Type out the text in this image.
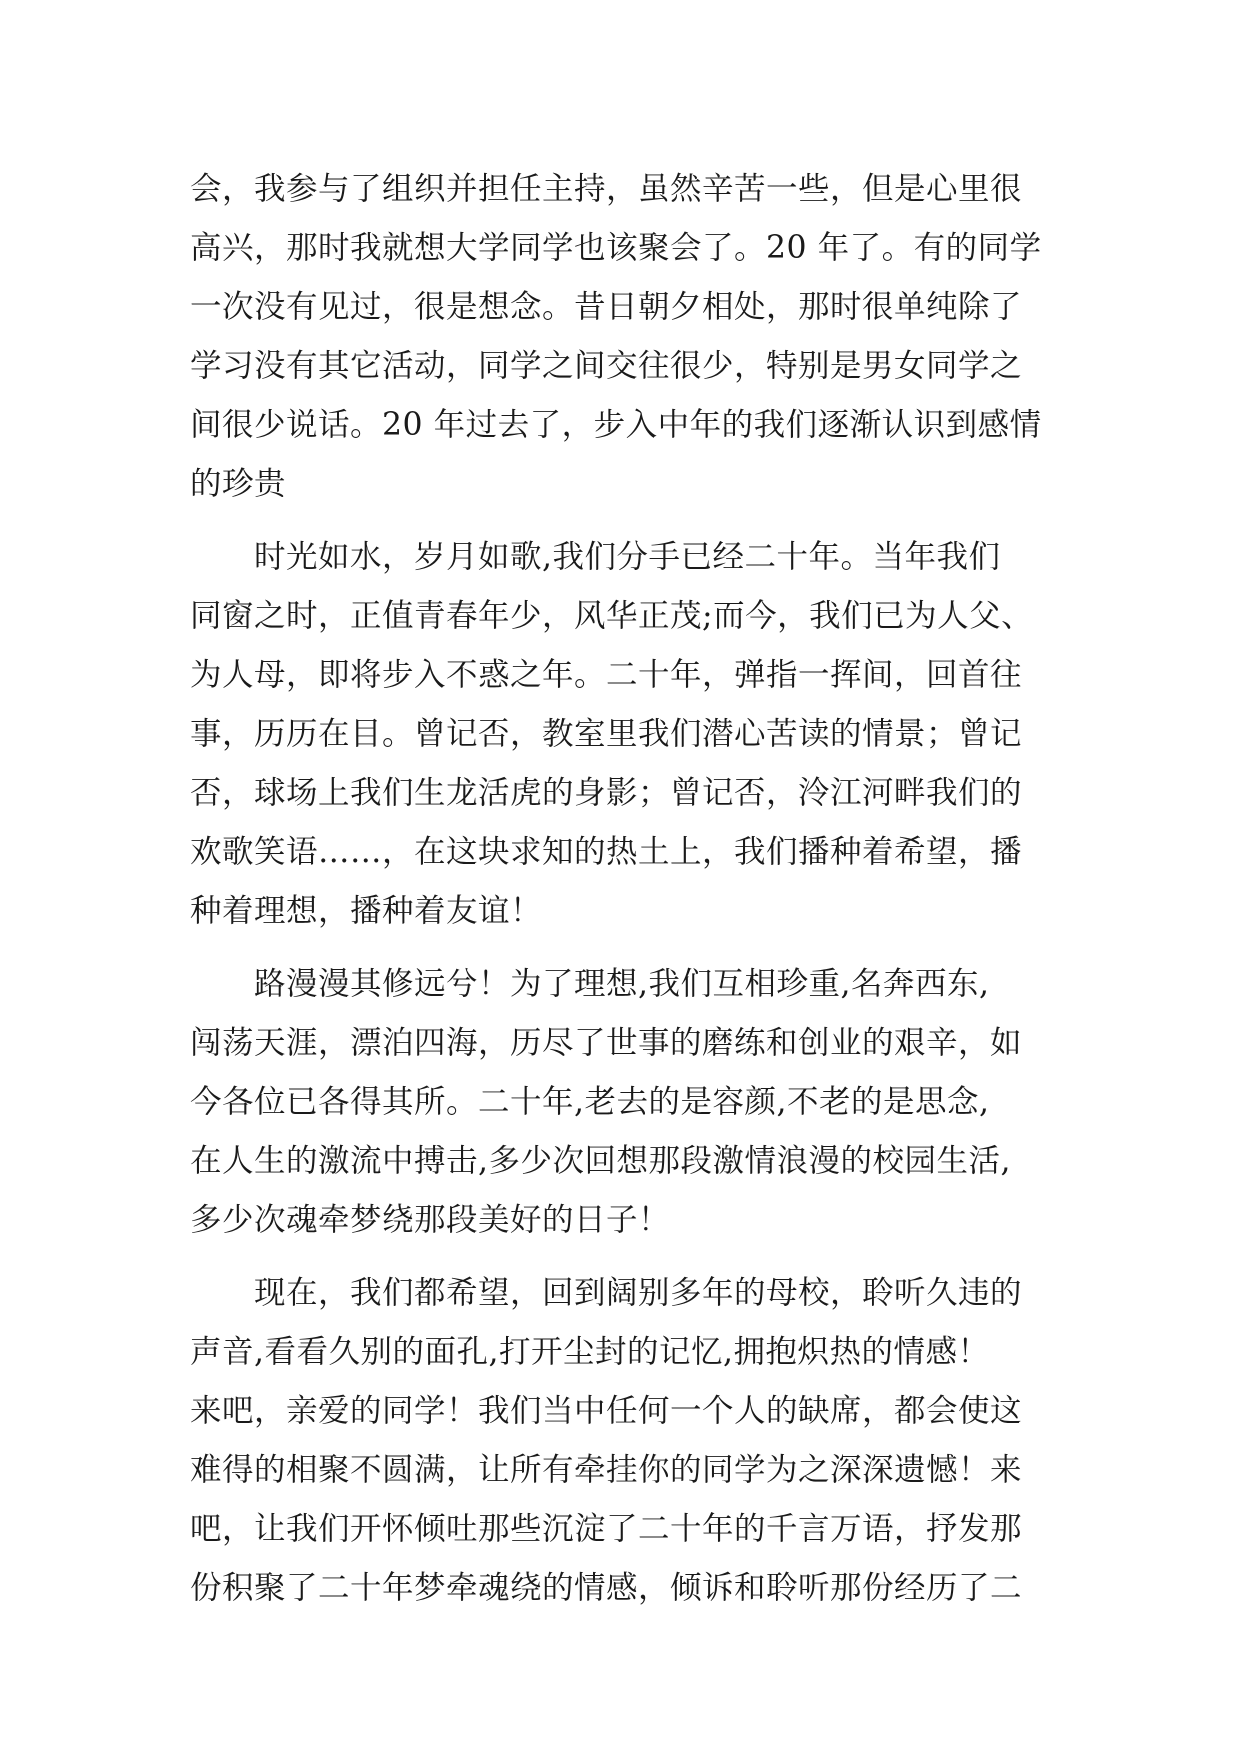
会，我参与了组织并担任主持，虽然辛苦一些，但是心里很
高兴，那时我就想大学同学也该聚会了。20 年了。有的同学
一次没有见过，很是想念。昔日朝夕相处，那时很单纯除了
学习没有其它活动，同学之间交往很少，特别是男女同学之
间很少说话。20 年过去了，步入中年的我们逐渐认识到感情
的珍贵
时光如水，岁月如歌,我们分手已经二十年。当年我们
同窗之时，正值青春年少，风华正茂;而今，我们已为人父、
为人母，即将步入不惑之年。二十年，弹指一挥间，回首往
事，历历在目。曾记否，教室里我们潜心苦读的情景；曾记
否，球场上我们生龙活虎的身影；曾记否，泠江河畔我们的
欢歌笑语……，在这块求知的热土上，我们播种着希望，播
种着理想，播种着友谊！
路漫漫其修远兮！为了理想,我们互相珍重,名奔西东,
闯荡天涯，漂泊四海，历尽了世事的磨练和创业的艰辛，如
今各位已各得其所。二十年,老去的是容颜,不老的是思念,
在人生的激流中搏击,多少次回想那段激情浪漫的校园生活,
多少次魂牵梦绕那段美好的日子！
现在，我们都希望，回到阔别多年的母校，聆听久违的
声音,看看久别的面孔,打开尘封的记忆,拥抱炽热的情感！
来吧，亲爱的同学！我们当中任何一个人的缺席，都会使这
难得的相聚不圆满，让所有牵挂你的同学为之深深遗憾！来
吧，让我们开怀倾吐那些沉淀了二十年的千言万语，抒发那
份积聚了二十年梦牵魂绕的情感，倾诉和聆听那份经历了二
